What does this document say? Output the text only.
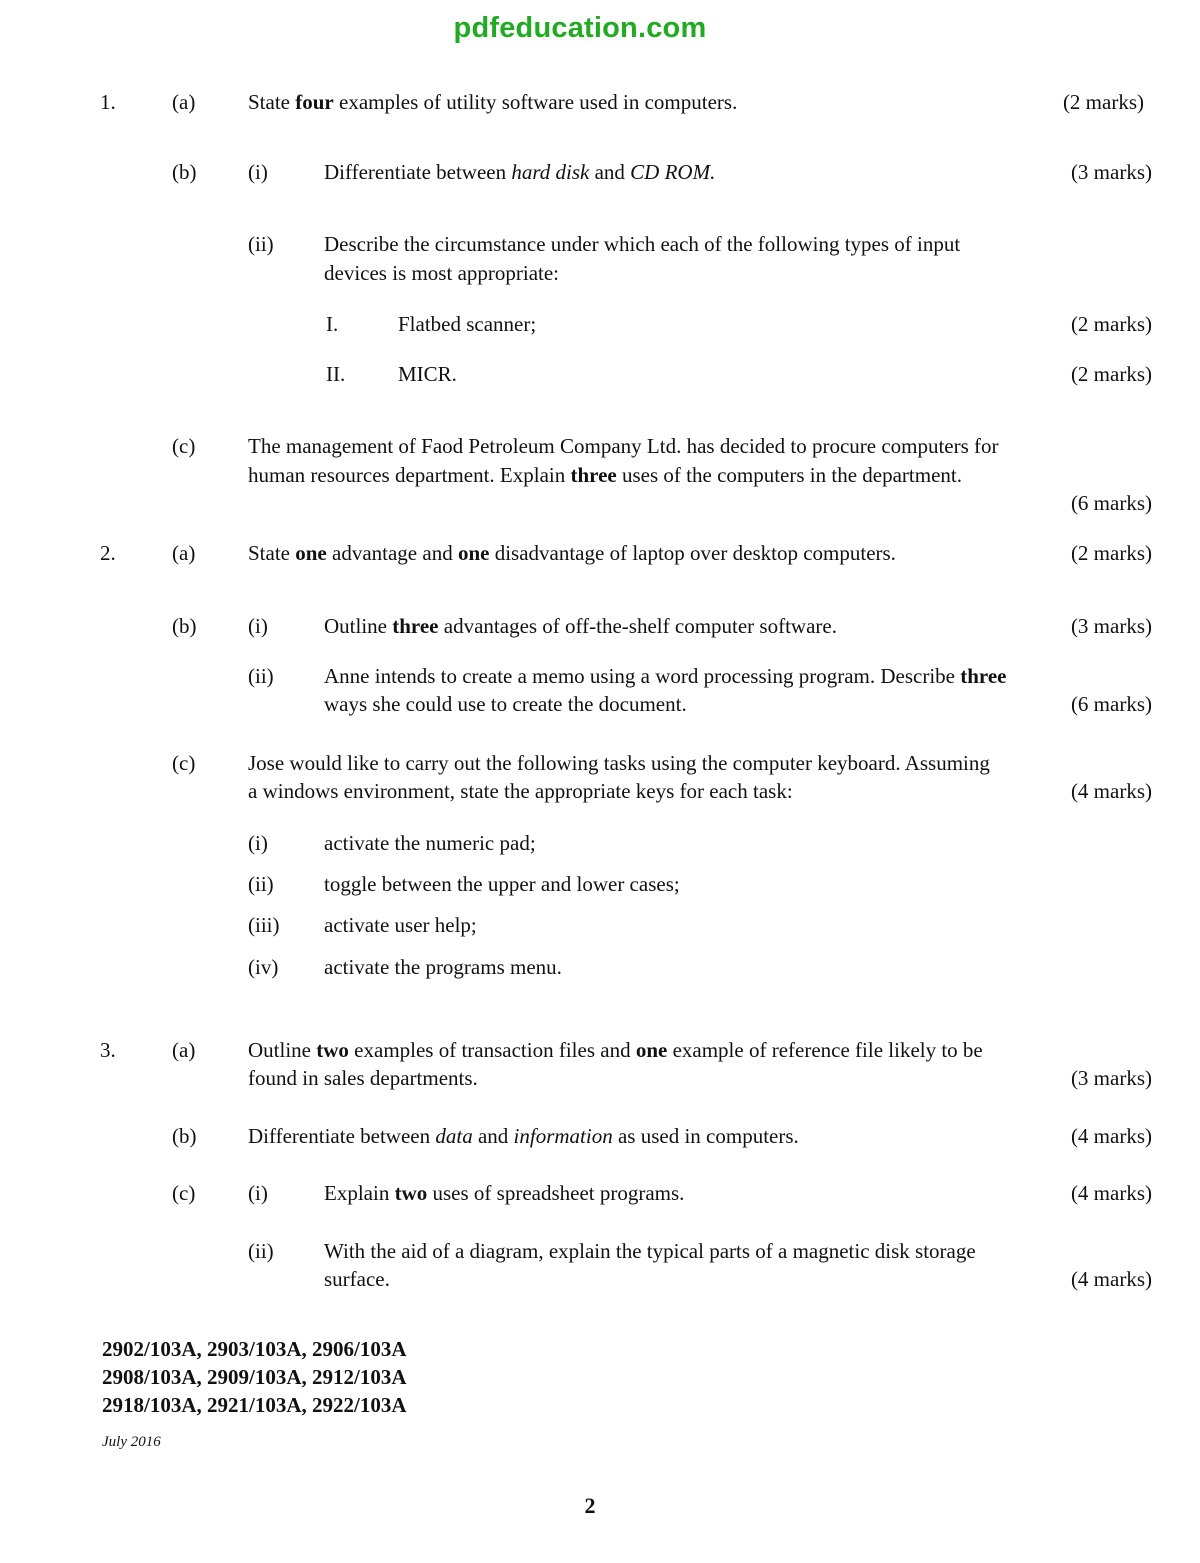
pdfeducation.com
1.	(a)	State four examples of utility software used in computers.	(2 marks)
(b) (i)	Differentiate between hard disk and CD ROM.	(3 marks)
(ii) Describe the circumstance under which each of the following types of input
devices is most appropriate:
I.	Flatbed scanner;	(2 marks)
II.	MICR.	(2 marks)
(c)	The management of Faod Petroleum Company Ltd. has decided to procure computers for
human resources department. Explain three uses of the computers in the department.
(6 marks)
2.	(a)	State one advantage and one disadvantage of laptop over desktop computers.	(2 marks)
(b) (i)	Outline three advantages of off-the-shelf computer software.	(3 marks)
(ii) Anne intends to create a memo using a word processing program. Describe three
ways she could use to create the document.	(6 marks)
(c)	Jose would like to carry out the following tasks using the computer keyboard. Assuming
a windows environment, state the appropriate keys for each task:	(4 marks)
(i)	activate the numeric pad;
(ii) toggle between the upper and lower cases;
(iii) activate user help;
(iv) activate the programs menu.
3.	(a)	Outline two examples of transaction files and one example of reference file likely to be
found in sales departments.	(3 marks)
(b) Differentiate between data and information as used in computers.	(4 marks)
(c)	(i)	Explain two uses of spreadsheet programs.	(4 marks)
(ii) With the aid of a diagram, explain the typical parts of a magnetic disk storage
surface.	(4 marks)
2902/103A, 2903/103A, 2906/103A
2908/103A, 2909/103A, 2912/103A
2918/103A, 2921/103A, 2922/103A
July 2016
2
